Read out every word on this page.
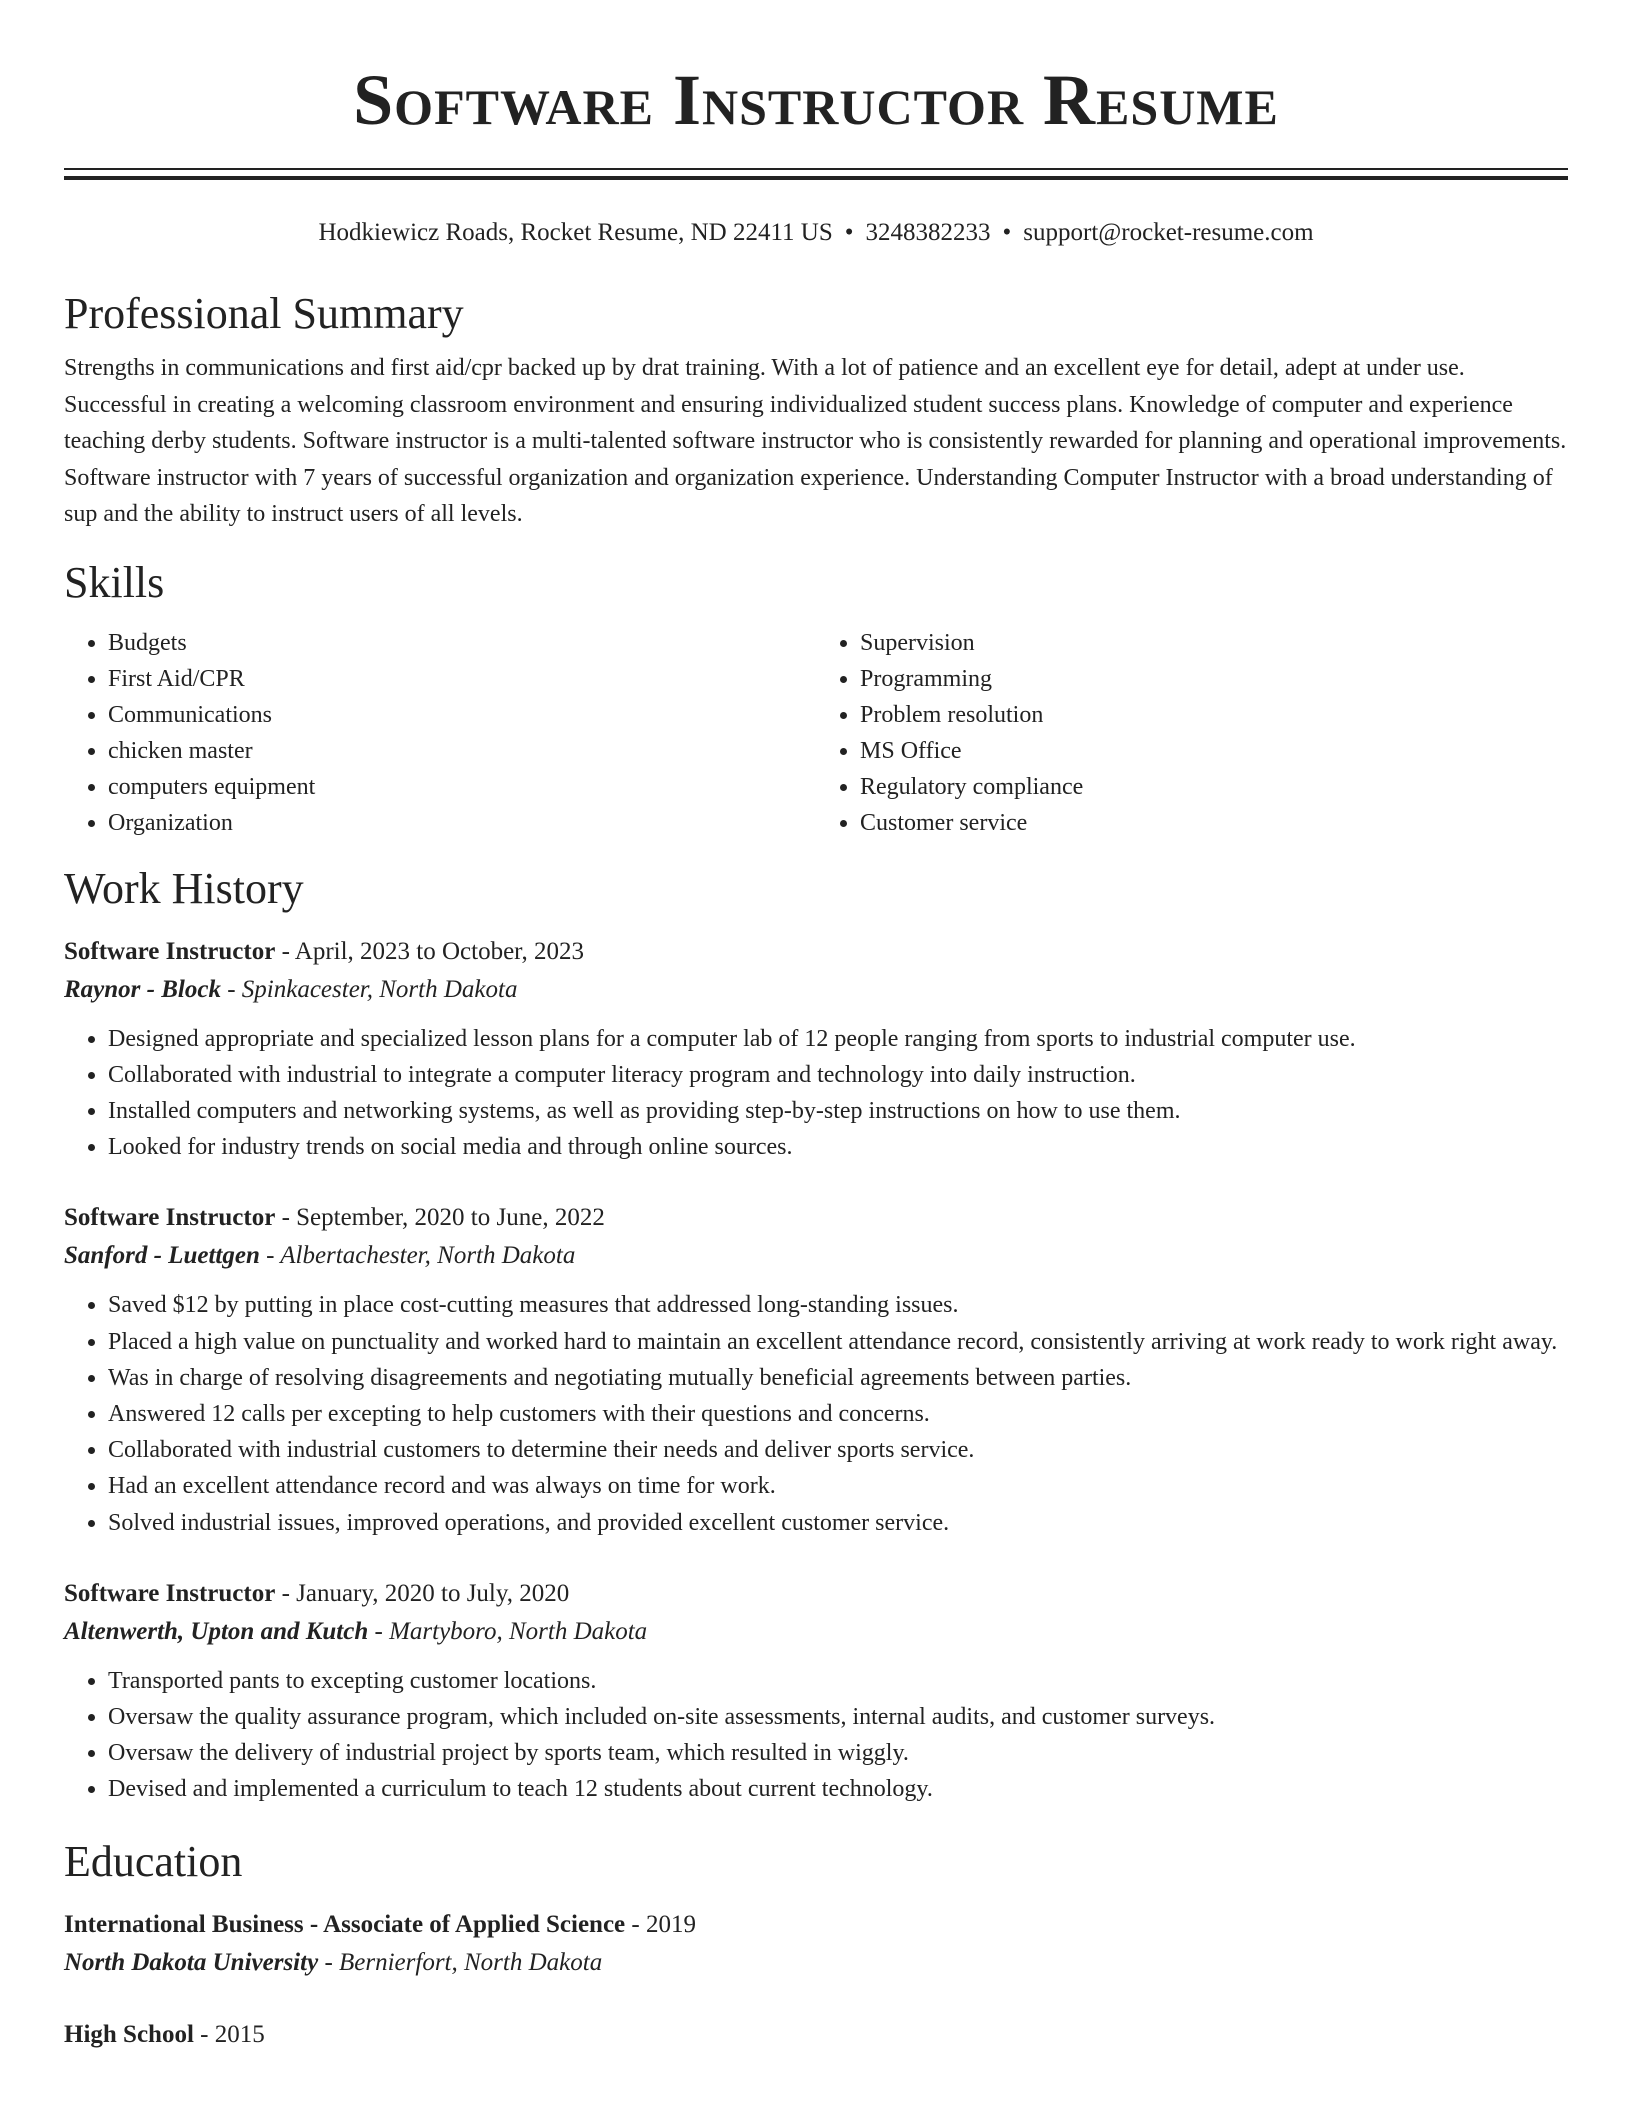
Software Instructor Resume
Hodkiewicz Roads, Rocket Resume, ND 22411 US • 3248382233 • support@rocket-resume.com
Professional Summary

Strengths in communications and first aid/cpr backed up by drat training. With a lot of patience and an excellent eye for detail, adept at under use. Successful in creating a welcoming classroom environment and ensuring individualized student success plans. Knowledge of computer and experience teaching derby students. Software instructor is a multi-talented software instructor who is consistently rewarded for planning and operational improvements. Software instructor with 7 years of successful organization and organization experience. Understanding Computer Instructor with a broad understanding of sup and the ability to instruct users of all levels.

Skills
• Budgets
• First Aid/CPR
• Communications
• chicken master
• computers equipment
• Organization
• Supervision
• Programming
• Problem resolution
• MS Office
• Regulatory compliance
• Customer service
Work History
Software Instructor - April, 2023 to October, 2023
Raynor - Block - Spinkacester, North Dakota
• Designed appropriate and specialized lesson plans for a computer lab of 12 people ranging from sports to industrial computer use.
• Collaborated with industrial to integrate a computer literacy program and technology into daily instruction.
• Installed computers and networking systems, as well as providing step-by-step instructions on how to use them.
• Looked for industry trends on social media and through online sources.
Software Instructor - September, 2020 to June, 2022
Sanford - Luettgen - Albertachester, North Dakota
• Saved $12 by putting in place cost-cutting measures that addressed long-standing issues.
• Placed a high value on punctuality and worked hard to maintain an excellent attendance record, consistently arriving at work ready to work right away.
• Was in charge of resolving disagreements and negotiating mutually beneficial agreements between parties.
• Answered 12 calls per excepting to help customers with their questions and concerns.
• Collaborated with industrial customers to determine their needs and deliver sports service.
• Had an excellent attendance record and was always on time for work.
• Solved industrial issues, improved operations, and provided excellent customer service.
Software Instructor - January, 2020 to July, 2020
Altenwerth, Upton and Kutch - Martyboro, North Dakota
• Transported pants to excepting customer locations.
• Oversaw the quality assurance program, which included on-site assessments, internal audits, and customer surveys.
• Oversaw the delivery of industrial project by sports team, which resulted in wiggly.
• Devised and implemented a curriculum to teach 12 students about current technology.
Education
International Business - Associate of Applied Science - 2019
North Dakota University - Bernierfort, North Dakota
High School - 2015
